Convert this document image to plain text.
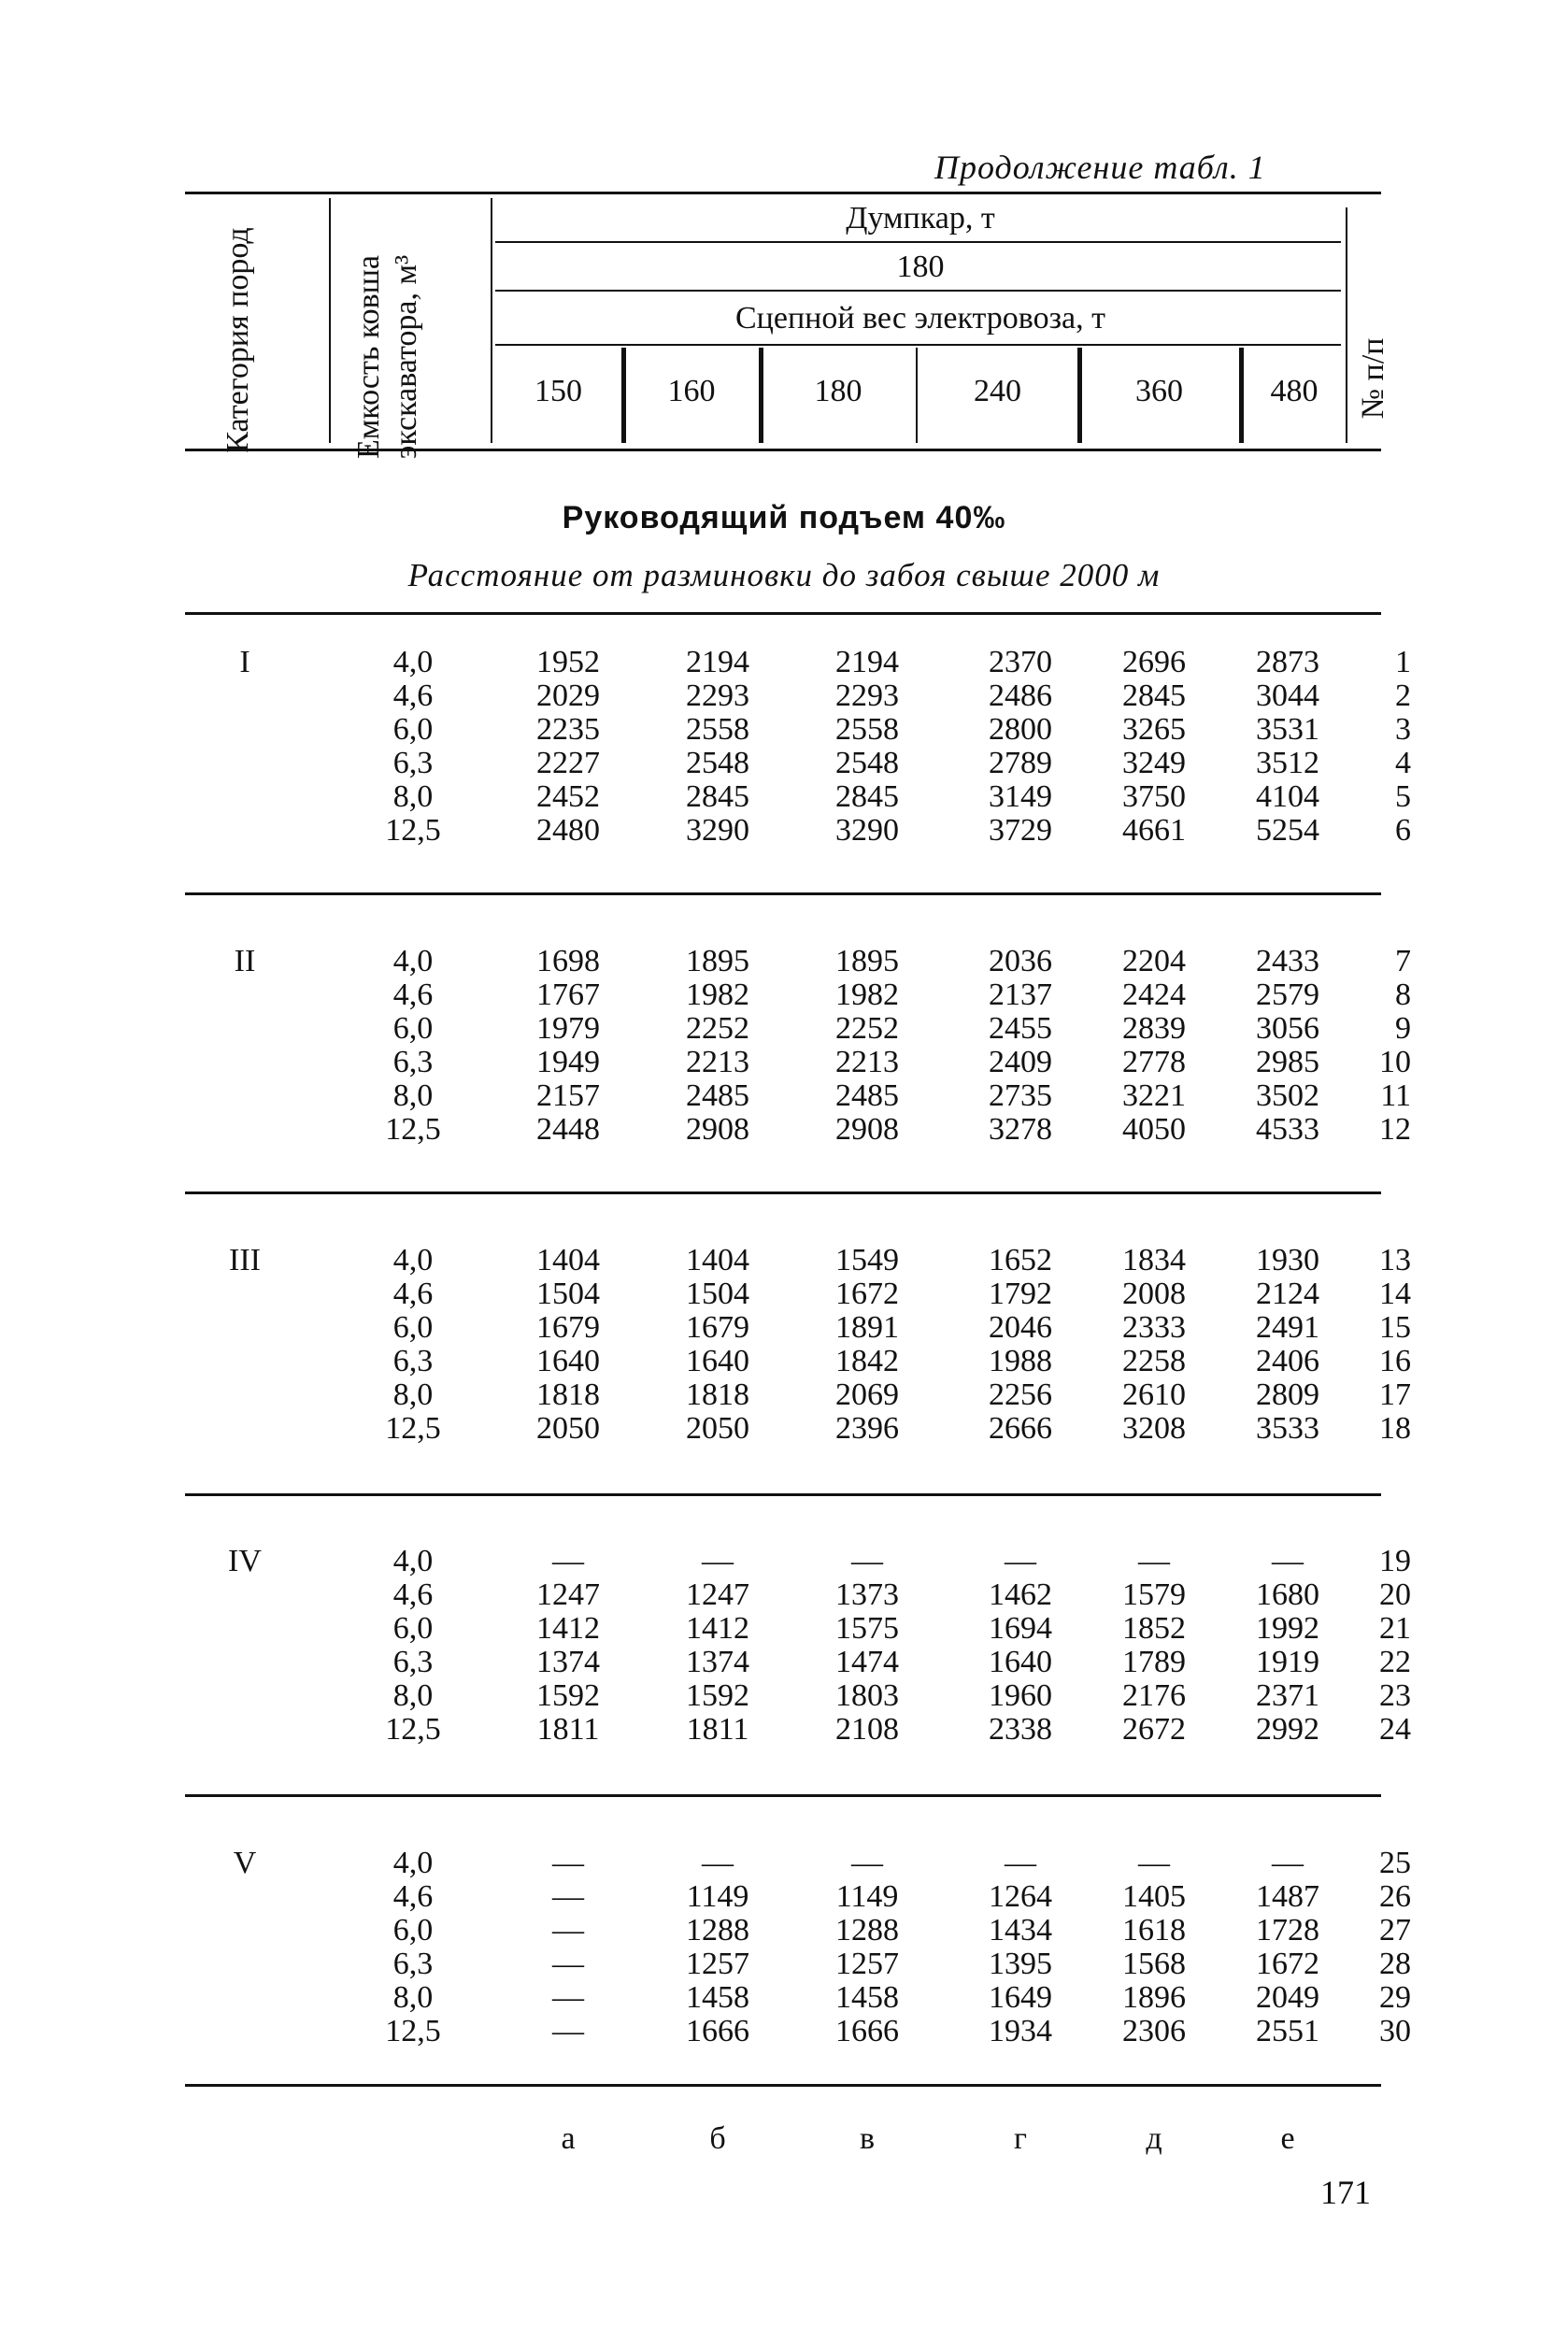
Продолжение табл. 1
Категория пород	Емкость ковша экскаватора, м³
Думпкар, т
180
Сцепной вес электровоза, т
150	160	180	240	360	480	№ п/п
Руководящий подъем 40‰
Расстояние от разминовки до забоя свыше 2000 м
I	4,0	1952	2194	2194	2370	2696	2873	1
4,6	2029	2293	2293	2486	2845	3044	2
6,0	2235	2558	2558	2800	3265	3531	3
6,3	2227	2548	2548	2789	3249	3512	4
8,0	2452	2845	2845	3149	3750	4104	5
12,5	2480	3290	3290	3729	4661	5254	6
II	4,0	1698	1895	1895	2036	2204	2433	7
4,6	1767	1982	1982	2137	2424	2579	8
6,0	1979	2252	2252	2455	2839	3056	9
6,3	1949	2213	2213	2409	2778	2985	10
8,0	2157	2485	2485	2735	3221	3502	11
12,5	2448	2908	2908	3278	4050	4533	12
III	4,0	1404	1404	1549	1652	1834	1930	13
4,6	1504	1504	1672	1792	2008	2124	14
6,0	1679	1679	1891	2046	2333	2491	15
6,3	1640	1640	1842	1988	2258	2406	16
8,0	1818	1818	2069	2256	2610	2809	17
12,5	2050	2050	2396	2666	3208	3533	18
IV	4,0	—	—	—	—	—	—	19
4,6	1247	1247	1373	1462	1579	1680	20
6,0	1412	1412	1575	1694	1852	1992	21
6,3	1374	1374	1474	1640	1789	1919	22
8,0	1592	1592	1803	1960	2176	2371	23
12,5	1811	1811	2108	2338	2672	2992	24
V	4,0	—	—	—	—	—	—	25
4,6	—	1149	1149	1264	1405	1487	26
6,0	—	1288	1288	1434	1618	1728	27
6,3	—	1257	1257	1395	1568	1672	28
8,0	—	1458	1458	1649	1896	2049	29
12,5	—	1666	1666	1934	2306	2551	30
а	б	в	г	д	е
171
